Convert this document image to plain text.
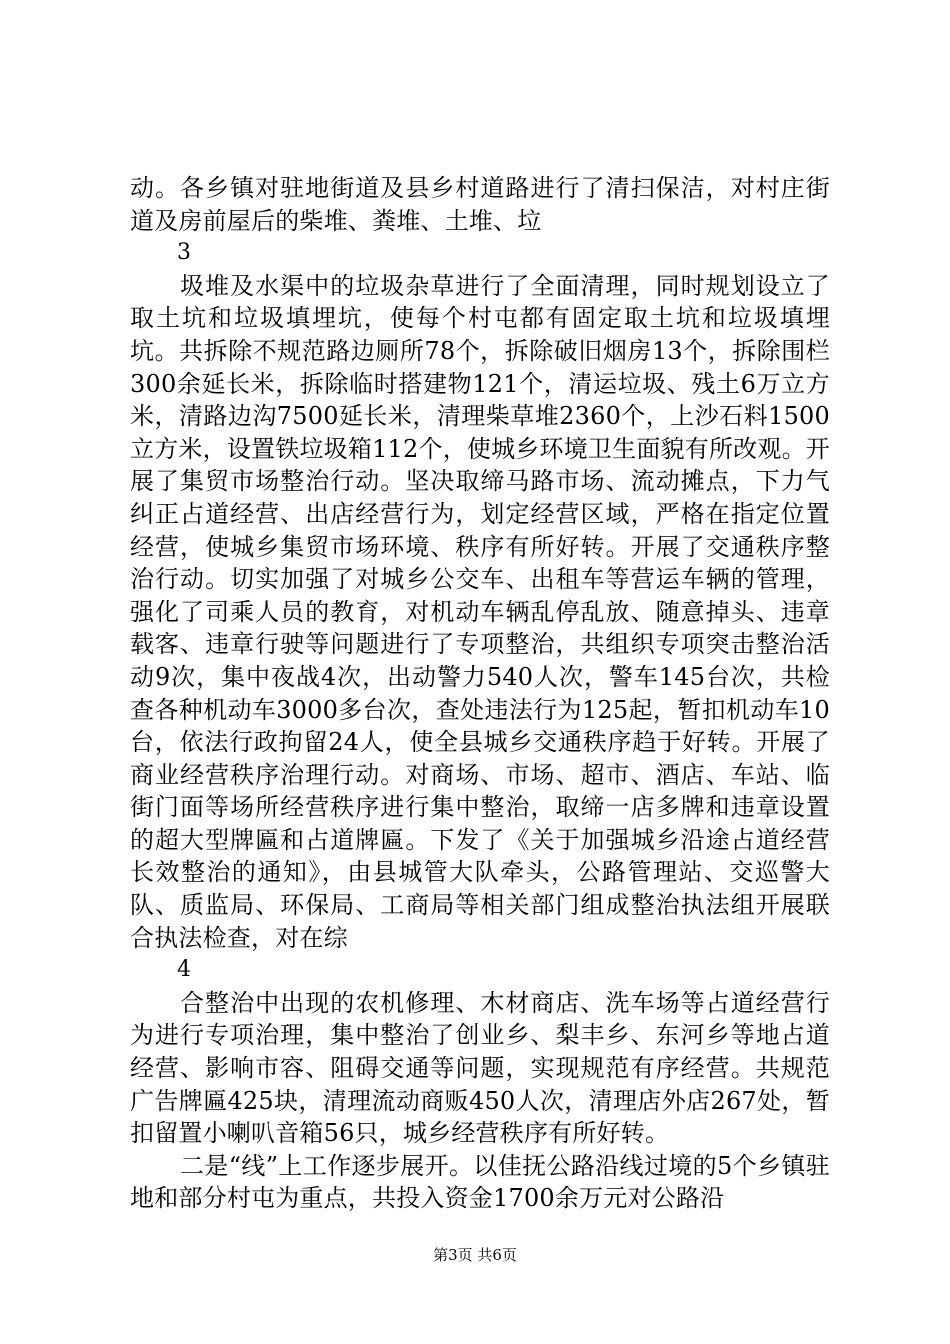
动。各乡镇对驻地街道及县乡村道路进行了清扫保洁，对村庄街道及房前屋后的柴堆、粪堆、土堆、垃

3

圾堆及水渠中的垃圾杂草进行了全面清理，同时规划设立了取土坑和垃圾填埋坑，使每个村屯都有固定取土坑和垃圾填埋坑。共拆除不规范路边厕所78个，拆除破旧烟房13个，拆除围栏300余延长米，拆除临时搭建物121个，清运垃圾、残土6万立方米，清路边沟7500延长米，清理柴草堆2360个，上沙石料1500立方米，设置铁垃圾箱112个，使城乡环境卫生面貌有所改观。开展了集贸市场整治行动。坚决取缔马路市场、流动摊点，下力气纠正占道经营、出店经营行为，划定经营区域，严格在指定位置经营，使城乡集贸市场环境、秩序有所好转。开展了交通秩序整治行动。切实加强了对城乡公交车、出租车等营运车辆的管理，强化了司乘人员的教育，对机动车辆乱停乱放、随意掉头、违章载客、违章行驶等问题进行了专项整治，共组织专项突击整治活动9次，集中夜战4次，出动警力540人次，警车145台次，共检查各种机动车3000多台次，查处违法行为125起，暂扣机动车10台，依法行政拘留24人，使全县城乡交通秩序趋于好转。开展了商业经营秩序治理行动。对商场、市场、超市、酒店、车站、临街门面等场所经营秩序进行集中整治，取缔一店多牌和违章设置的超大型牌匾和占道牌匾。下发了《关于加强城乡沿途占道经营长效整治的通知》，由县城管大队牵头，公路管理站、交巡警大队、质监局、环保局、工商局等相关部门组成整治执法组开展联合执法检查，对在综

4

合整治中出现的农机修理、木材商店、洗车场等占道经营行为进行专项治理，集中整治了创业乡、梨丰乡、东河乡等地占道经营、影响市容、阻碍交通等问题，实现规范有序经营。共规范广告牌匾425块，清理流动商贩450人次，清理店外店267处，暂扣留置小喇叭音箱56只，城乡经营秩序有所好转。

二是“线”上工作逐步展开。以佳抚公路沿线过境的5个乡镇驻地和部分村屯为重点，共投入资金1700余万元对公路沿

第3页 共6页
